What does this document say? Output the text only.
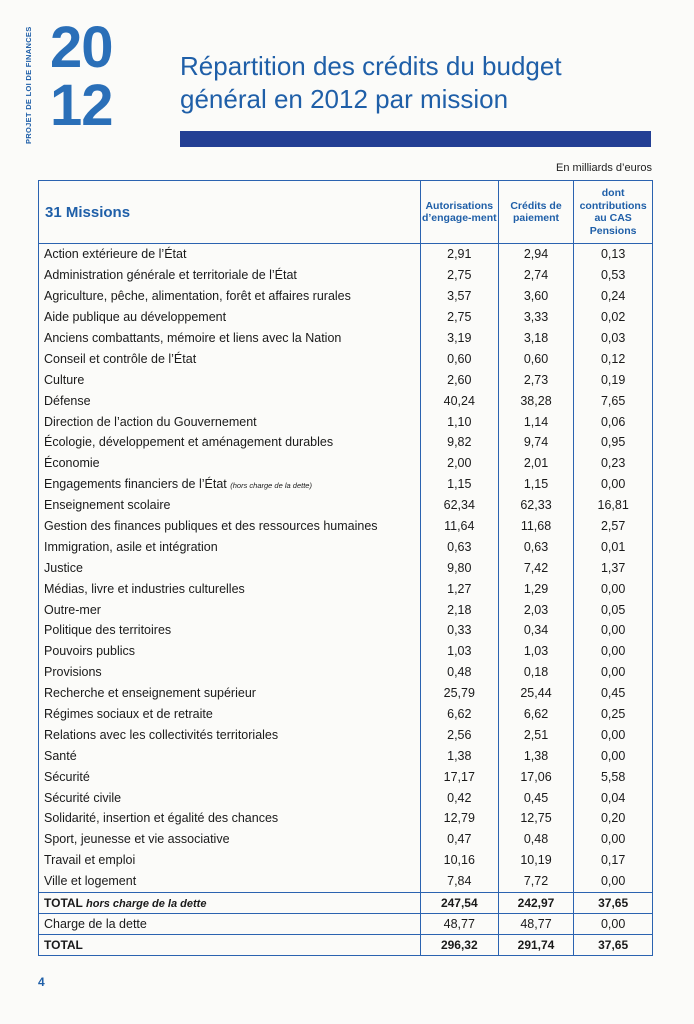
PROJET DE LOI DE FINANCES 20
12
Répartition des crédits du budget
général en 2012 par mission
En milliards d’euros
31 Missions	Autorisations d’engage-ment	Crédits de paiement	dont contributions au CAS Pensions
Action extérieure de l’État	2,91	2,94	0,13
Administration générale et territoriale de l’État	2,75	2,74	0,53
Agriculture, pêche, alimentation, forêt et affaires rurales	3,57	3,60	0,24
Aide publique au développement	2,75	3,33	0,02
Anciens combattants, mémoire et liens avec la Nation	3,19	3,18	0,03
Conseil et contrôle de l’État	0,60	0,60	0,12
Culture	2,60	2,73	0,19
Défense	40,24	38,28	7,65
Direction de l’action du Gouvernement	1,10	1,14	0,06
Écologie, développement et aménagement durables	9,82	9,74	0,95
Économie	2,00	2,01	0,23
Engagements financiers de l’État (hors charge de la dette)	1,15	1,15	0,00
Enseignement scolaire	62,34	62,33	16,81
Gestion des finances publiques et des ressources humaines	11,64	11,68	2,57
Immigration, asile et intégration	0,63	0,63	0,01
Justice	9,80	7,42	1,37
Médias, livre et industries culturelles	1,27	1,29	0,00
Outre-mer	2,18	2,03	0,05
Politique des territoires	0,33	0,34	0,00
Pouvoirs publics	1,03	1,03	0,00
Provisions	0,48	0,18	0,00
Recherche et enseignement supérieur	25,79	25,44	0,45
Régimes sociaux et de retraite	6,62	6,62	0,25
Relations avec les collectivités territoriales	2,56	2,51	0,00
Santé	1,38	1,38	0,00
Sécurité	17,17	17,06	5,58
Sécurité civile	0,42	0,45	0,04
Solidarité, insertion et égalité des chances	12,79	12,75	0,20
Sport, jeunesse et vie associative	0,47	0,48	0,00
Travail et emploi	10,16	10,19	0,17
Ville et logement	7,84	7,72	0,00
TOTAL hors charge de la dette	247,54	242,97	37,65
Charge de la dette	48,77	48,77	0,00
TOTAL	296,32	291,74	37,65
4
